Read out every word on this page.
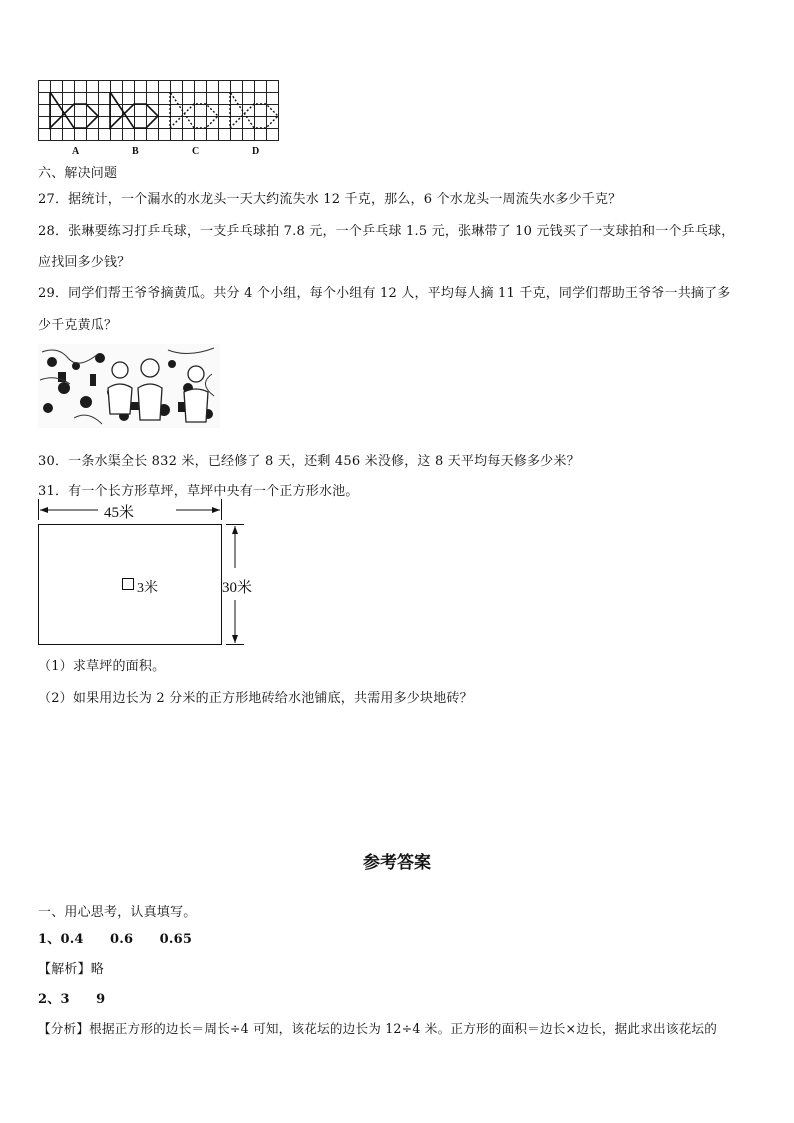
A	B	C	D
六、解决问题
27．据统计，一个漏水的水龙头一天大约流失水 12 千克，那么，6 个水龙头一周流失水多少千克？
28．张琳要练习打乒乓球，一支乒乓球拍 7.8 元，一个乒乓球 1.5 元，张琳带了 10 元钱买了一支球拍和一个乒乓球，
应找回多少钱？
29．同学们帮王爷爷摘黄瓜。共分 4 个小组，每个小组有 12 人，平均每人摘 11 千克，同学们帮助王爷爷一共摘了多
少千克黄瓜？
30．一条水渠全长 832 米，已经修了 8 天，还剩 456 米没修，这 8 天平均每天修多少米？
31．有一个长方形草坪，草坪中央有一个正方形水池。
45米
30米
3米
（1）求草坪的面积。
（2）如果用边长为 2 分米的正方形地砖给水池铺底，共需用多少块地砖？
参考答案
一、用心思考，认真填写。
1、0.4　　0.6　　0.65
【解析】略
2、3　　9
【分析】根据正方形的边长＝周长÷4 可知，该花坛的边长为 12÷4 米。正方形的面积＝边长×边长，据此求出该花坛的
